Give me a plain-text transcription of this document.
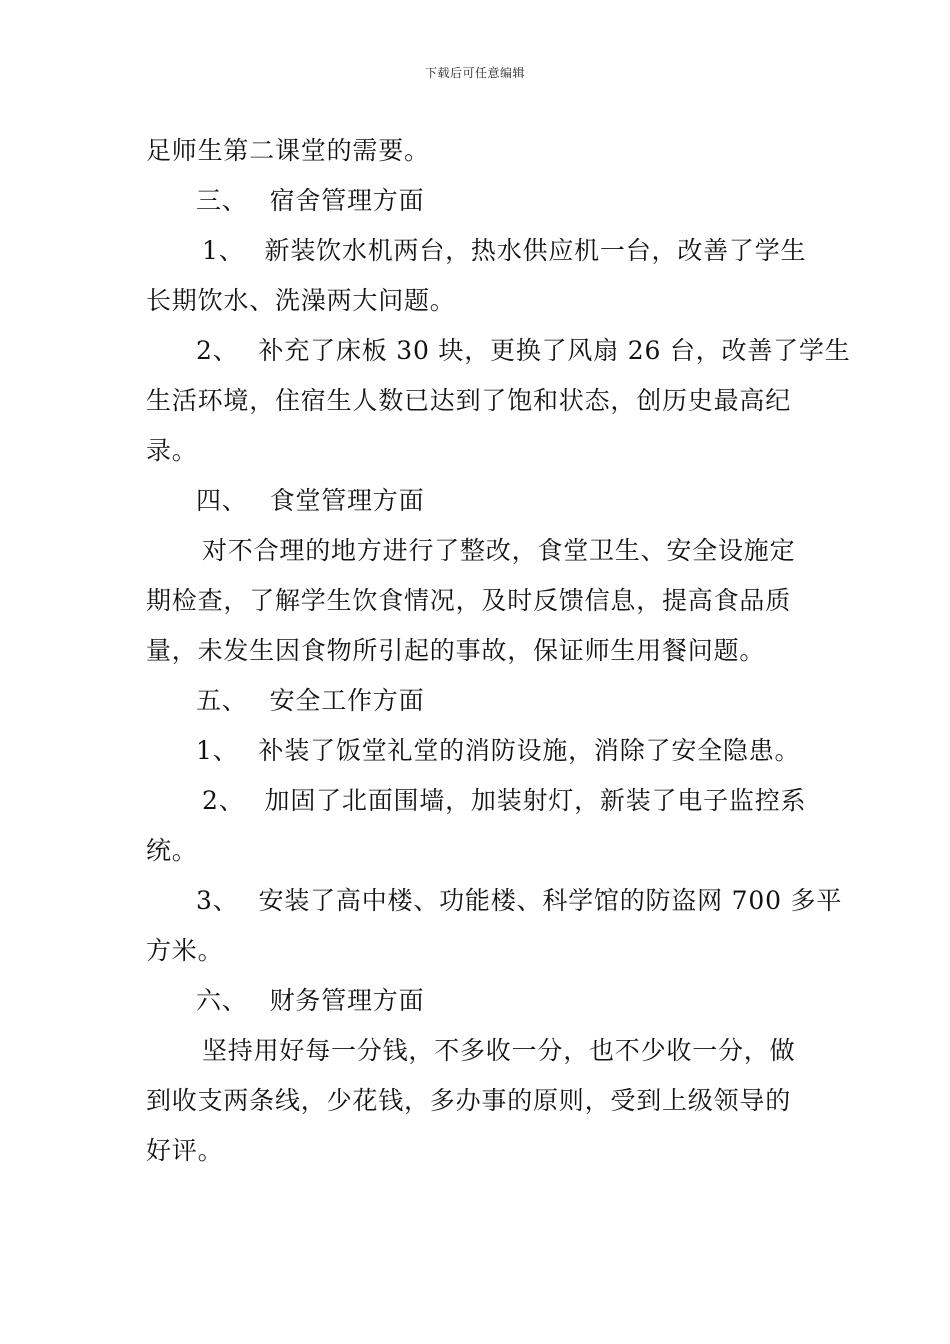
下载后可任意编辑
足师生第二课堂的需要。
三、 宿舍管理方面
1、 新装饮水机两台，热水供应机一台，改善了学生
长期饮水、洗澡两大问题。
2、 补充了床板 30 块，更换了风扇 26 台，改善了学生
生活环境，住宿生人数已达到了饱和状态，创历史最高纪
录。
四、 食堂管理方面
对不合理的地方进行了整改，食堂卫生、安全设施定
期检查，了解学生饮食情况，及时反馈信息，提高食品质
量，未发生因食物所引起的事故，保证师生用餐问题。
五、 安全工作方面
1、 补装了饭堂礼堂的消防设施，消除了安全隐患。
2、 加固了北面围墙，加装射灯，新装了电子监控系
统。
3、 安装了高中楼、功能楼、科学馆的防盗网 700 多平
方米。
六、 财务管理方面
坚持用好每一分钱，不多收一分，也不少收一分，做
到收支两条线，少花钱，多办事的原则，受到上级领导的
好评。
